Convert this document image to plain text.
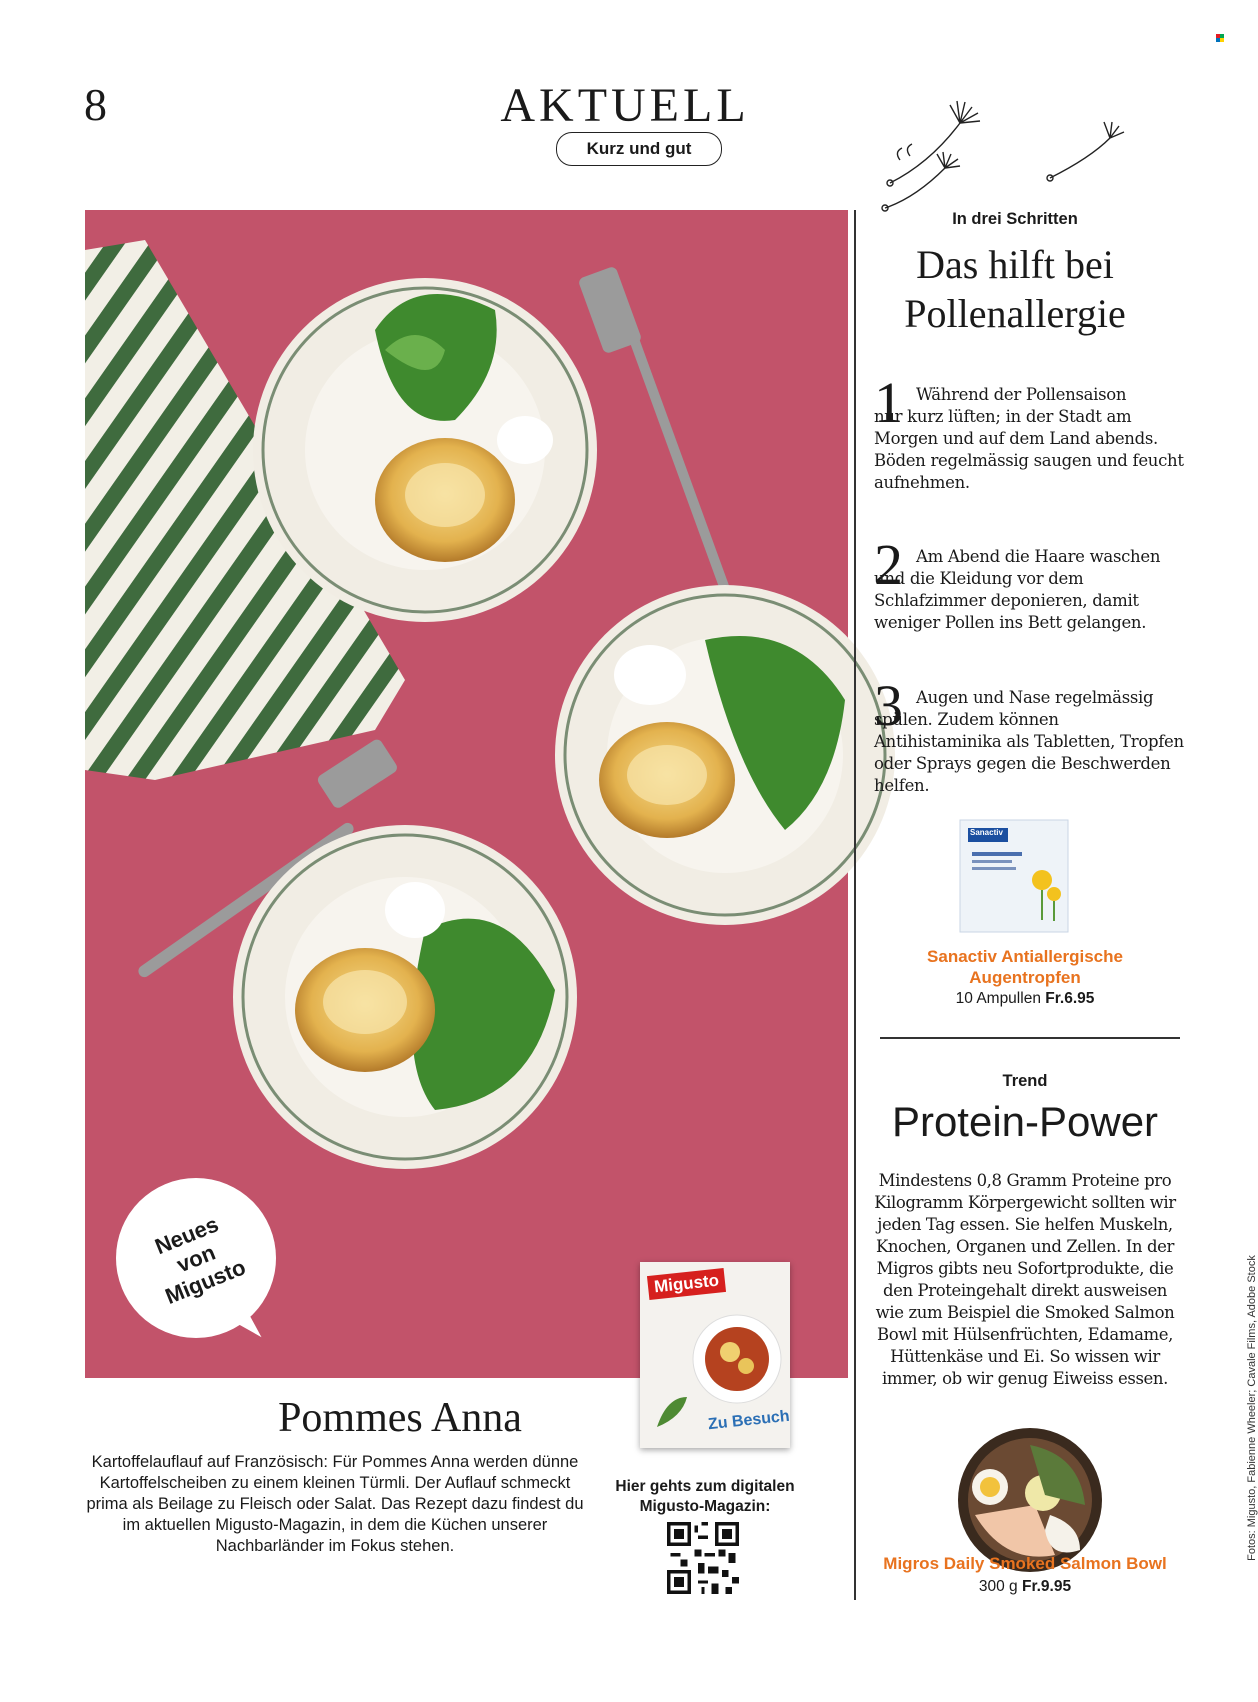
8	AKTUELL
Kurz und gut
Neues von Migusto
Pommes Anna
Kartoffelauflauf auf Französisch: Für Pommes Anna werden dünne Kartoffelscheiben zu einem kleinen Türmli. Der Auflauf schmeckt prima als Beilage zu Fleisch oder Salat. Das Rezept dazu findest du im aktuellen Migusto-Magazin, in dem die Küchen unserer Nachbarländer im Fokus stehen.
Migusto
Zu Besuch
Hier gehts zum digitalen Migusto-Magazin:
In drei Schritten
Das hilft bei Pollenallergie
1 Während der Pollensaison
nur kurz lüften; in der Stadt am Morgen und auf dem Land abends. Böden regelmässig saugen und feucht aufnehmen.
2 Am Abend die Haare waschen
und die Kleidung vor dem Schlafzimmer deponieren, damit weniger Pollen ins Bett gelangen.
3 Augen und Nase regelmässig
spülen. Zudem können Antihistaminika als Tabletten, Tropfen oder Sprays gegen die Beschwerden helfen.
Sanactiv
Sanactiv Antiallergische Augentropfen
10 Ampullen Fr.6.95
Trend
Protein-Power
Mindestens 0,8 Gramm Proteine pro Kilogramm Körpergewicht sollten wir jeden Tag essen. Sie helfen Muskeln, Knochen, Organen und Zellen. In der Migros gibts neu Sofortprodukte, die den Proteingehalt direkt ausweisen wie zum Beispiel die Smoked Salmon Bowl mit Hülsenfrüchten, Edamame, Hüttenkäse und Ei. So wissen wir immer, ob wir genug Eiweiss essen.
Migros Daily Smoked Salmon Bowl
300 g Fr.9.95
Fotos: Migusto, Fabienne Wheeler; Cavale Films, Adobe Stock
